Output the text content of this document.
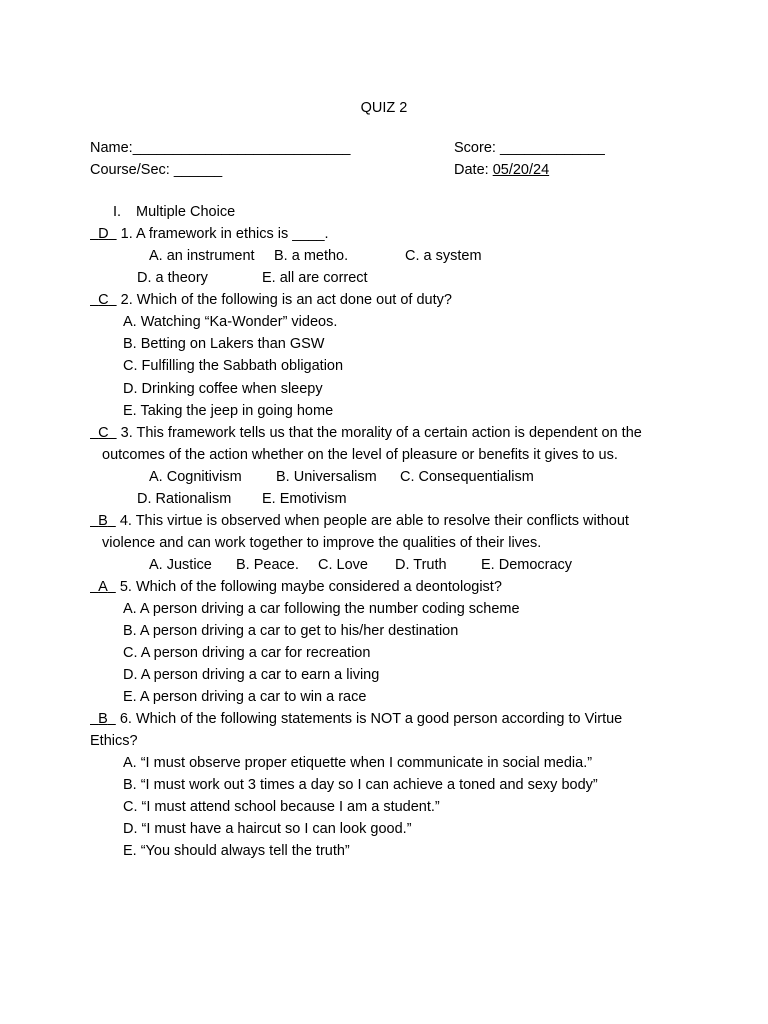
QUIZ 2
Name:___________________________	Score: _____________
Course/Sec: ______	Date: 05/20/24
I. Multiple Choice
D 1. A framework in ethics is ____.
A. an instrument B. a metho.	C. a system
D. a theory	E. all are correct
C 2. Which of the following is an act done out of duty?
A. Watching “Ka-Wonder” videos.
B. Betting on Lakers than GSW
C. Fulfilling the Sabbath obligation
D. Drinking coffee when sleepy
E. Taking the jeep in going home
C 3. This framework tells us that the morality of a certain action is dependent on the
outcomes of the action whether on the level of pleasure or benefits it gives to us.
A. Cognitivism B. Universalism C. Consequentialism
D. Rationalism E. Emotivism
B 4. This virtue is observed when people are able to resolve their conflicts without
violence and can work together to improve the qualities of their lives.
A. Justice B. Peace. C. Love D. Truth E. Democracy
A 5. Which of the following maybe considered a deontologist?
A. A person driving a car following the number coding scheme
B. A person driving a car to get to his/her destination
C. A person driving a car for recreation
D. A person driving a car to earn a living
E. A person driving a car to win a race
B 6. Which of the following statements is NOT a good person according to Virtue
Ethics?
A. “I must observe proper etiquette when I communicate in social media.”
B. “I must work out 3 times a day so I can achieve a toned and sexy body”
C. “I must attend school because I am a student.”
D. “I must have a haircut so I can look good.”
E. “You should always tell the truth”
